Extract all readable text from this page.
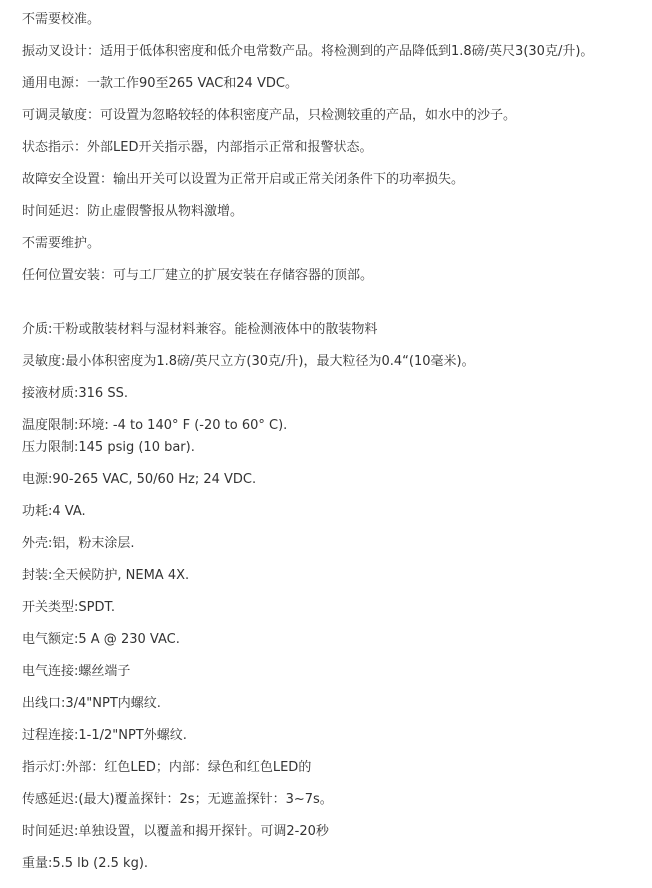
不需要校准。
振动叉设计：适用于低体积密度和低介电常数产品。将检测到的产品降低到1.8磅/英尺3(30克/升)。
通用电源：一款工作90至265 VAC和24 VDC。
可调灵敏度：可设置为忽略较轻的体积密度产品，只检测较重的产品，如水中的沙子。
状态指示：外部LED开关指示器，内部指示正常和报警状态。
故障安全设置：输出开关可以设置为正常开启或正常关闭条件下的功率损失。
时间延迟：防止虚假警报从物料激增。
不需要维护。
任何位置安装：可与工厂建立的扩展安装在存储容器的顶部。
介质:干粉或散装材料与湿材料兼容。能检测液体中的散装物料
灵敏度:最小体积密度为1.8磅/英尺立方(30克/升)，最大粒径为0.4“(10毫米)。
接液材质:316 SS.
温度限制:环境: -4 to 140° F (-20 to 60° C).
压力限制:145 psig (10 bar).
电源:90-265 VAC, 50/60 Hz; 24 VDC.
功耗:4 VA.
外壳:铝，粉末涂层.
封装:全天候防护, NEMA 4X.
开关类型:SPDT.
电气额定:5 A @ 230 VAC.
电气连接:螺丝端子
出线口:3/4"NPT内螺纹.
过程连接:1-1/2"NPT外螺纹.
指示灯:外部：红色LED；内部：绿色和红色LED的
传感延迟:(最大)覆盖探针：2s；无遮盖探针：3~7s。
时间延迟:单独设置，以覆盖和揭开探针。可调2-20秒
重量:5.5 lb (2.5 kg).
